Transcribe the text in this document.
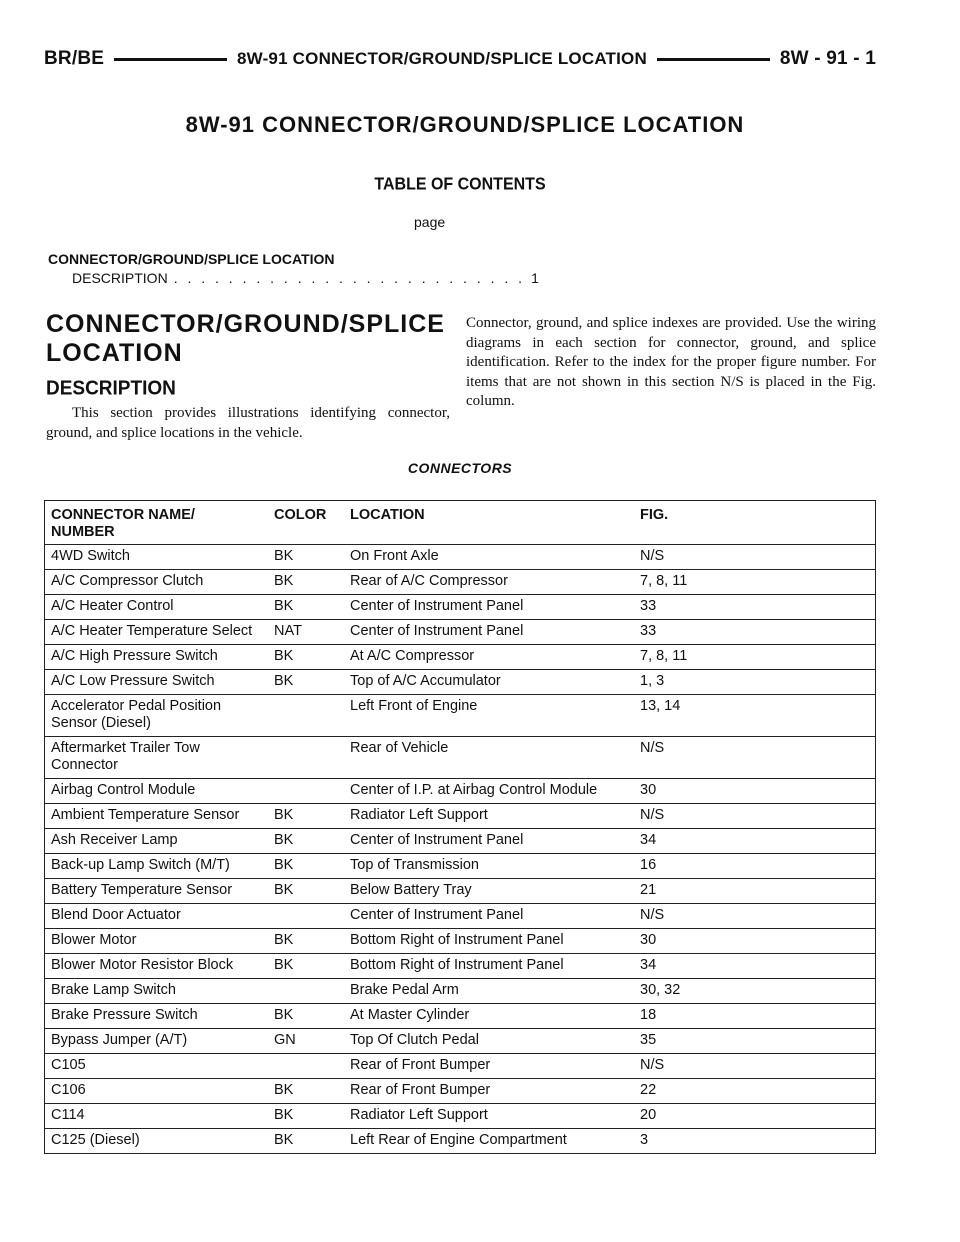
BR/BE	8W-91 CONNECTOR/GROUND/SPLICE LOCATION	8W - 91 - 1
8W-91 CONNECTOR/GROUND/SPLICE LOCATION
TABLE OF CONTENTS
page
CONNECTOR/GROUND/SPLICE LOCATION
DESCRIPTION . . . . . . . . . . . . . . . . . . . . . . . . . . 1
CONNECTOR/GROUND/SPLICE LOCATION
DESCRIPTION
This section provides illustrations identifying connector, ground, and splice locations in the vehicle.
Connector, ground, and splice indexes are provided. Use the wiring diagrams in each section for connector, ground, and splice identification. Refer to the index for the proper figure number. For items that are not shown in this section N/S is placed in the Fig. column.
CONNECTORS
CONNECTOR NAME/ NUMBER	COLOR	LOCATION	FIG.
4WD Switch	BK	On Front Axle	N/S
A/C Compressor Clutch	BK	Rear of A/C Compressor	7, 8, 11
A/C Heater Control	BK	Center of Instrument Panel	33
A/C Heater Temperature Select	NAT	Center of Instrument Panel	33
A/C High Pressure Switch	BK	At A/C Compressor	7, 8, 11
A/C Low Pressure Switch	BK	Top of A/C Accumulator	1, 3
Accelerator Pedal Position Sensor (Diesel)		Left Front of Engine	13, 14
Aftermarket Trailer Tow Connector		Rear of Vehicle	N/S
Airbag Control Module		Center of I.P. at Airbag Control Module	30
Ambient Temperature Sensor	BK	Radiator Left Support	N/S
Ash Receiver Lamp	BK	Center of Instrument Panel	34
Back-up Lamp Switch (M/T)	BK	Top of Transmission	16
Battery Temperature Sensor	BK	Below Battery Tray	21
Blend Door Actuator		Center of Instrument Panel	N/S
Blower Motor	BK	Bottom Right of Instrument Panel	30
Blower Motor Resistor Block	BK	Bottom Right of Instrument Panel	34
Brake Lamp Switch		Brake Pedal Arm	30, 32
Brake Pressure Switch	BK	At Master Cylinder	18
Bypass Jumper (A/T)	GN	Top Of Clutch Pedal	35
C105		Rear of Front Bumper	N/S
C106	BK	Rear of Front Bumper	22
C114	BK	Radiator Left Support	20
C125 (Diesel)	BK	Left Rear of Engine Compartment	3
